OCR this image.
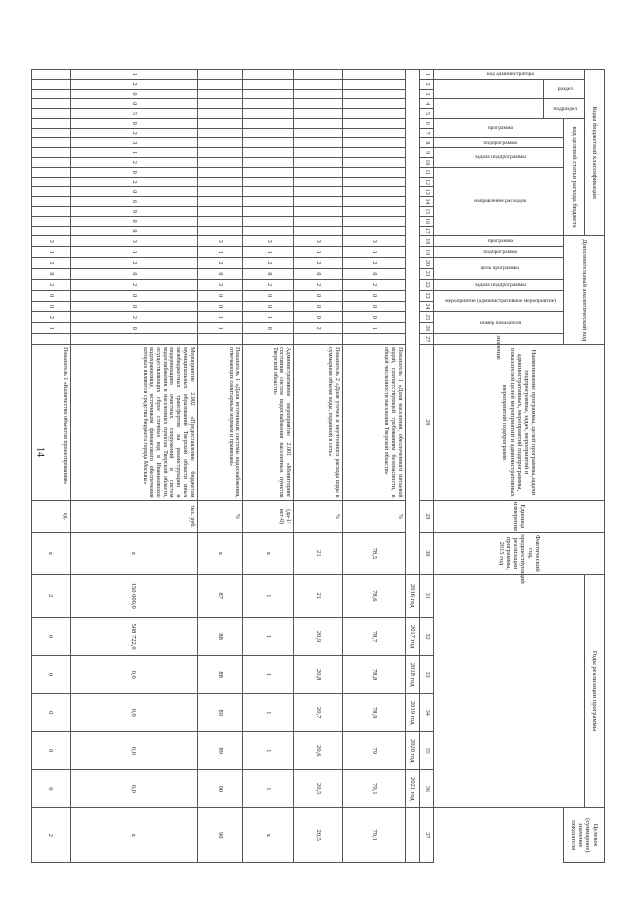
14
Коды бюджетной классификации																	Дополнительный аналитический код										Наименование программы, целей программы,задачи подпрограммы, задач, мероприятий и административных, мероприятий подпрограммы, показателей целей мероприятий и административных мероприятий подпрограмм	Единица измерения	Фактический год, предшествующий реализации программы, 2015 год	Годы реализации программы						Целевое (суммарное) значение показателя
код администратора	раздел		подраздел		код целевой статьи расхода бюджета																															
					программа		подпрограмма	задача подпрограммы		направление расходов							программа	подпрограмма	цель программы		задача подпрограммы	мероприятие (административное мероприятие)		номер показателя		значение										

1	2	3	4	5	6	7	8	9	10	11	12	13	14	15	16	17	18	19	20	21	22	23	24	25	26	27	28	29	30	31	32	33	34	35	36	37
																														2016 год	2017 год	2018 год	2019 год	2020 год	2021 год	
																	3	1	2	0	2	0	0	0	1		Показатель 1 «Доля населения, обеспеченного питьевой водой, соответствующей требованиям безопасности, в общей численности населения Тверской области»	%	78,5	78,6	78,7	78,8	78,9	79	79,1	79,1
																	3	1	2	0	2	0	0	0	2		Показатель 2 «Доля утечек и неучтенного расхода воды в суммарном объеме воды, поданной в сеть»	%	21	21	20,9	20,8	20,7	20,6	20,5	20,5
																	3	1	2	0	2	0	0	1	0		Административное мероприятие 2.001 «Мониторинг состояния систем водоснабжения населенных пунктов Тверской области»	(да-1/нет-0)	х	1	1	1	1	1	1	х
																	3	1	2	0	2	0	0	1	1		Показатель 1 «Доля источников системы водоснабжения, отвечающих санитарным нормам и правилам»	%	х	87	88	88	89	89	90	90
1	2	0	0	5	0	2	3	1	2	0	2	0	6	9	0	0	3	1	2	0	2	0	0	2	0		Мероприятие 2.002 «Предоставление бюджетам муниципальных образований Тверской области иных межбюджетных трансфертов на реконструкцию и модернизацию очистных сооружений и систем водоснабжения в населенных пунктах Тверской области, осуществляющих сброс сточных вод в Иваньковское водохранилище, источником финансового обеспечения которых являются средства бюджета города Москвы»	тыс. руб.	х	150 000,0	508 722,0	0,0	0,0	0,0	0,0	х
																	3	1	2	0	2	0	0	2	1		Показатель 1 «Количество объектов проектирования»	ед.	х	2	0	0	0	0	0	2
